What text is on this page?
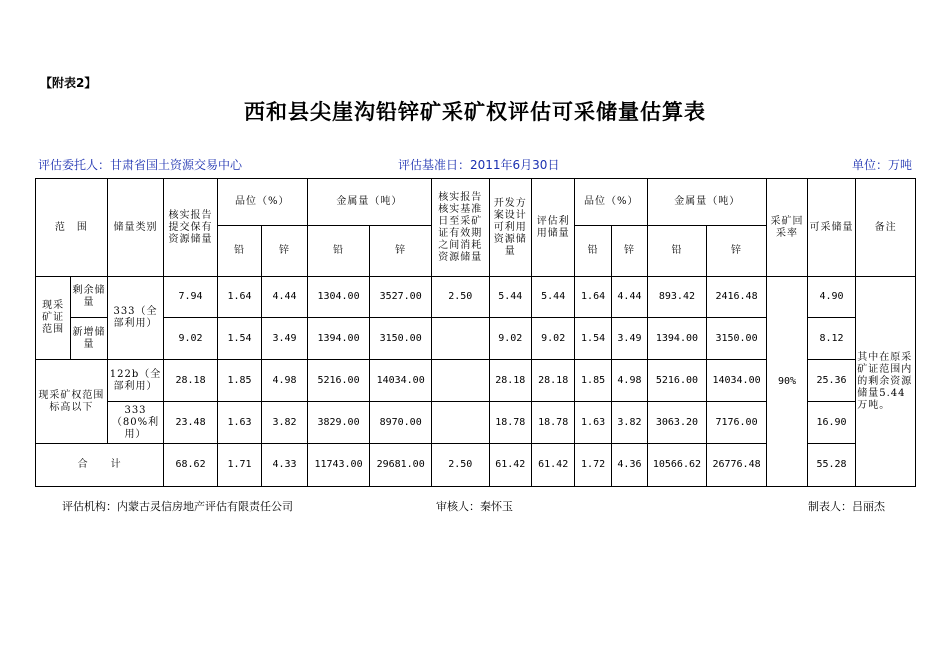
【附表2】
西和县尖崖沟铅锌矿采矿权评估可采储量估算表
评估委托人：甘肃省国土资源交易中心	评估基准日：2011年6月30日	单位：万吨
范　围		储量类别	核实报告提交保有资源储量	品位（%）		金属量（吨）		核实报告核实基准日至采矿证有效期之间消耗资源储量	开发方案设计可利用资源储量	评估利用储量	品位（%）		金属量（吨）		采矿回采率	可采储量	备注
				铅	锌	铅	锌				铅	锌	铅	锌			
现采矿证范围	剩余储量	333（全部利用）	7.94	1.64	4.44	1304.00	3527.00	2.50	5.44	5.44	1.64	4.44	893.42	2416.48	90%	4.90	其中在原采矿证范围内的剩余资源储量5.44万吨。
	新增储量		9.02	1.54	3.49	1394.00	3150.00		9.02	9.02	1.54	3.49	1394.00	3150.00		8.12	
现采矿权范围标高以下		122b（全部利用）	28.18	1.85	4.98	5216.00	14034.00		28.18	28.18	1.85	4.98	5216.00	14034.00		25.36	
		333（80%利用）	23.48	1.63	3.82	3829.00	8970.00		18.78	18.78	1.63	3.82	3063.20	7176.00		16.90	
合　　计			68.62	1.71	4.33	11743.00	29681.00	2.50	61.42	61.42	1.72	4.36	10566.62	26776.48		55.28	
评估机构：内蒙古灵信房地产评估有限责任公司	审核人：秦怀玉	制表人：吕丽杰
